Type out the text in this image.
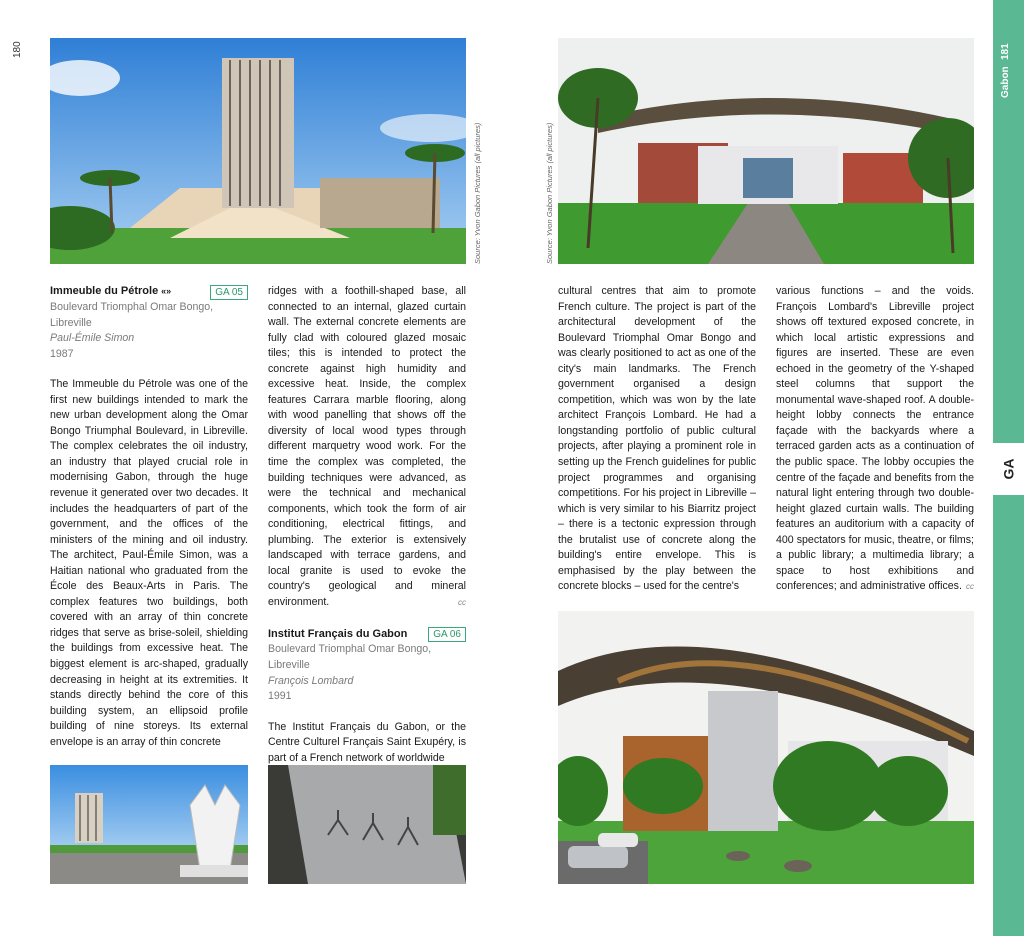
180
Source: Yvon Gabon Pictures (all pictures)
Immeuble du Pétrole «»	GA 05

Boulevard Triomphal Omar Bongo,

Libreville

Paul-Émile Simon

1987

The Immeuble du Pétrole was one of the first new buildings intended to mark the new urban development along the Omar Bongo Triumphal Boulevard, in Libreville. The complex celebrates the oil industry, an industry that played crucial role in modernising Gabon, through the huge revenue it generated over two decades. It includes the headquarters of part of the government, and the offices of the ministers of the mining and oil industry. The architect, Paul-Émile Simon, was a Haitian national who graduated from the École des Beaux-Arts in Paris. The complex features two buildings, both covered with an array of thin concrete ridges that serve as brise-soleil, shielding the buildings from excessive heat. The biggest element is arc-shaped, gradually decreasing in height at its extremities. It stands directly behind the core of this building system, an ellipsoid profile building of nine storeys. Its external envelope is an array of thin concrete

ridges with a foothill-shaped base, all connected to an internal, glazed curtain wall. The external concrete elements are fully clad with coloured glazed mosaic tiles; this is intended to protect the concrete against high humidity and excessive heat. Inside, the complex features Carrara marble flooring, along with wood panelling that shows off the diversity of local wood types through different marquetry wood work. For the time the complex was completed, the building techniques were advanced, as were the technical and mechanical components, which took the form of air conditioning, electrical fittings, and plumbing. The exterior is extensively landscaped with terrace gardens, and local granite is used to evoke the country's geological and mineral environment.	cc

Institut Français du Gabon	GA 06

Boulevard Triomphal Omar Bongo,

Libreville

François Lombard

1991

The Institut Français du Gabon, or the Centre Culturel Français Saint Exupéry, is part of a French network of worldwide

Source: Yvon Gabon Pictures (all pictures)

cultural centres that aim to promote French culture. The project is part of the architectural development of the Boulevard Triomphal Omar Bongo and was clearly positioned to act as one of the city's main landmarks. The French government organised a design competition, which was won by the late architect François Lombard. He had a longstanding portfolio of public cultural projects, after playing a prominent role in setting up the French guidelines for public project programmes and organising competitions. For his project in Libreville – which is very similar to his Biarritz project – there is a tectonic expression through the brutalist use of concrete along the building's entire envelope. This is emphasised by the play between the concrete blocks – used for the centre's

various functions – and the voids. François Lombard's Libreville project shows off textured exposed concrete, in which local artistic expressions and figures are inserted. These are even echoed in the geometry of the Y-shaped steel columns that support the monumental wave-shaped roof. A double-height lobby connects the entrance façade with the backyards where a terraced garden acts as a continuation of the public space. The lobby occupies the centre of the façade and benefits from the natural light entering through two double-height glazed curtain walls. The building features an auditorium with a capacity of 400 spectators for music, theatre, or films; a public library; a multimedia library; a space to host exhibitions and conferences; and administrative offices. cc

181
Gabon
GA
